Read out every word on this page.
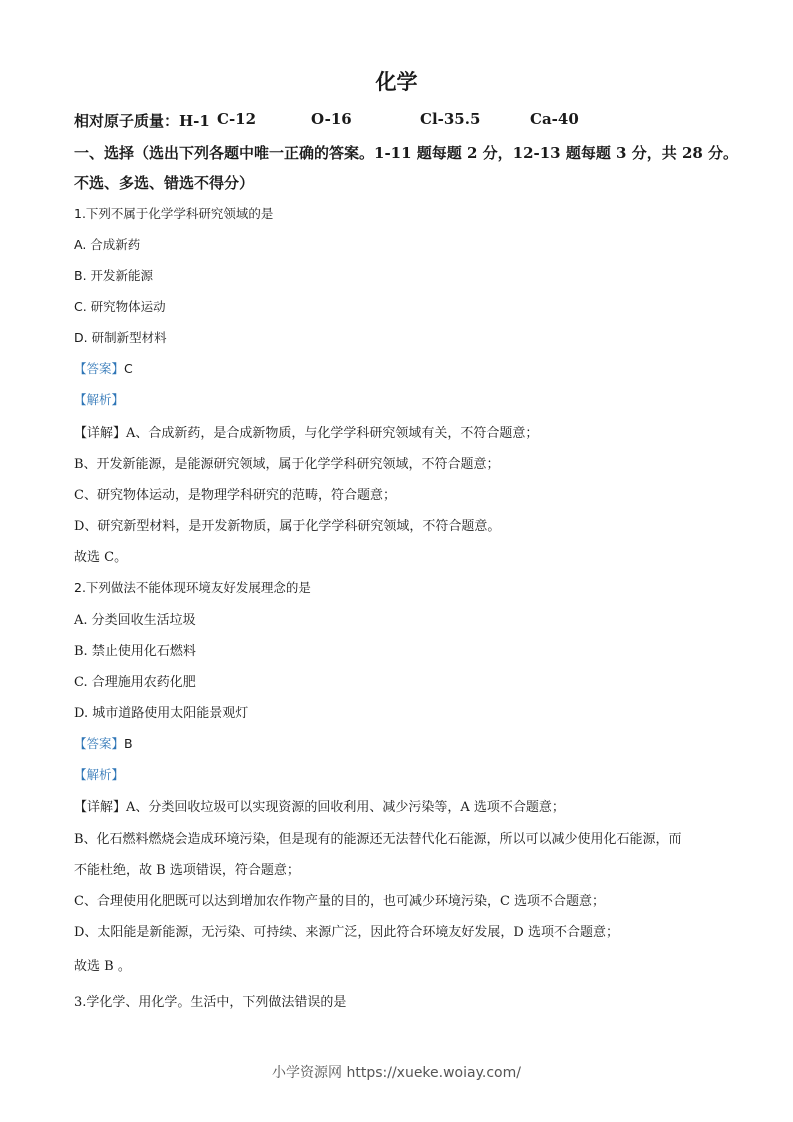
化学
相对原子质量：H-1 C-12	O-16	Cl-35.5	Ca-40
一、选择（选出下列各题中唯一正确的答案。1-11 题每题 2 分，12-13 题每题 3 分，共 28 分。
不选、多选、错选不得分）
1.下列不属于化学学科研究领域的是
A. 合成新药
B. 开发新能源
C. 研究物体运动
D. 研制新型材料
【答案】C
【解析】
【详解】A、合成新药，是合成新物质，与化学学科研究领域有关，不符合题意；
B、开发新能源，是能源研究领域，属于化学学科研究领域，不符合题意；
C、研究物体运动，是物理学科研究的范畴，符合题意；
D、研究新型材料，是开发新物质，属于化学学科研究领域，不符合题意。
故选 C。
2.下列做法不能体现环境友好发展理念的是
A. 分类回收生活垃圾
B. 禁止使用化石燃料
C. 合理施用农药化肥
D. 城市道路使用太阳能景观灯
【答案】B
【解析】
【详解】A、分类回收垃圾可以实现资源的回收利用、减少污染等，A 选项不合题意；
B、化石燃料燃烧会造成环境污染，但是现有的能源还无法替代化石能源，所以可以减少使用化石能源，而
不能杜绝，故 B 选项错误，符合题意；
C、合理使用化肥既可以达到增加农作物产量的目的，也可减少环境污染，C 选项不合题意；
D、太阳能是新能源，无污染、可持续、来源广泛，因此符合环境友好发展，D 选项不合题意；
故选 B 。
3.学化学、用化学。生活中，下列做法错误的是
小学资源网 https://xueke.woiay.com/
